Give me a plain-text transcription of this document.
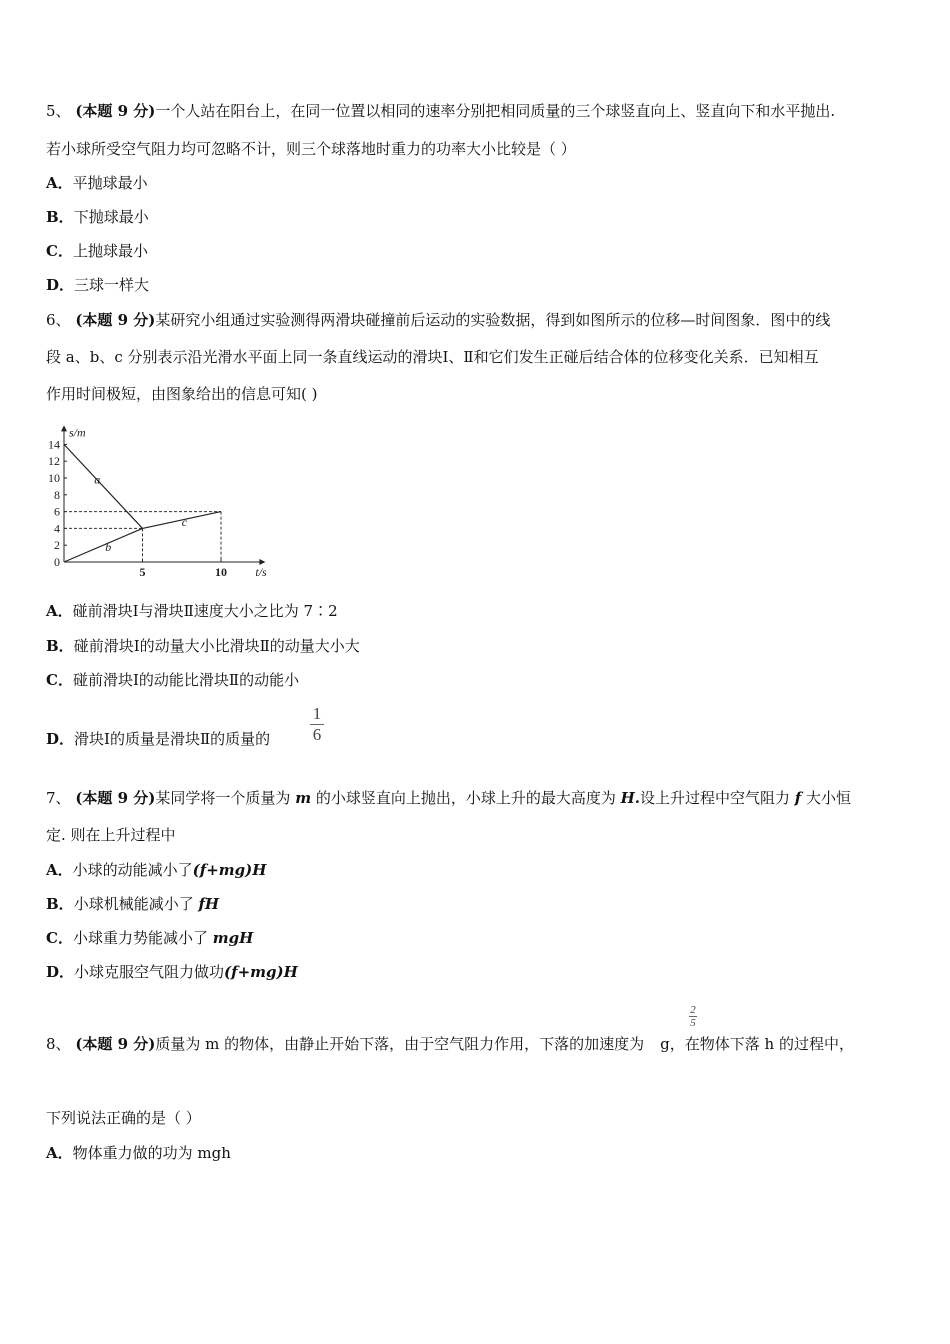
5、 (本题 9 分)一个人站在阳台上，在同一位置以相同的速率分别把相同质量的三个球竖直向上、竖直向下和水平抛出.
若小球所受空气阻力均可忽略不计，则三个球落地时重力的功率大小比较是（ ）
A．平抛球最小
B．下抛球最小
C．上抛球最小
D．三球一样大
6、 (本题 9 分)某研究小组通过实验测得两滑块碰撞前后运动的实验数据，得到如图所示的位移—时间图象．图中的线
段 a、b、c 分别表示沿光滑水平面上同一条直线运动的滑块Ⅰ、Ⅱ和它们发生正碰后结合体的位移变化关系．已知相互
作用时间极短，由图象给出的信息可知( )
0
2
4
6
8
10
12
14
5	10
s/m
t/s
a
b
c
A．碰前滑块Ⅰ与滑块Ⅱ速度大小之比为 7∶2
B．碰前滑块Ⅰ的动量大小比滑块Ⅱ的动量大小大
C．碰前滑块Ⅰ的动能比滑块Ⅱ的动能小
D．滑块Ⅰ的质量是滑块Ⅱ的质量的
1
6
7、 (本题 9 分)某同学将一个质量为 m 的小球竖直向上抛出，小球上升的最大高度为 H.设上升过程中空气阻力 f 大小恒
定. 则在上升过程中
A．小球的动能减小了(f+mg)H
B．小球机械能减小了 fH
C．小球重力势能减小了 mgH
D．小球克服空气阻力做功(f+mg)H
8、 (本题 9 分)质量为 m 的物体，由静止开始下落，由于空气阻力作用，下落的加速度为 g，在物体下落 h 的过程中，
2
5
下列说法正确的是（ ）
A．物体重力做的功为 mgh
